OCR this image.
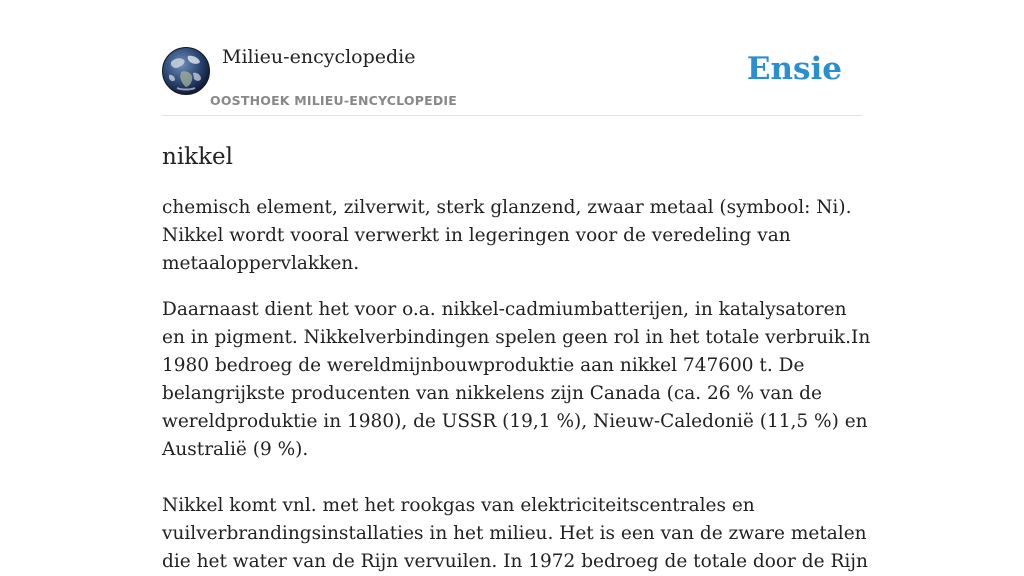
Milieu-encyclopedie
OOSTHOEK MILIEU-ENCYCLOPEDIE
Ensie
nikkel

chemisch element, zilverwit, sterk glanzend, zwaar metaal (symbool: Ni). Nikkel wordt vooral verwerkt in legeringen voor de veredeling van metaaloppervlakken.

Daarnaast dient het voor o.a. nikkel-cadmiumbatterijen, in katalysatoren en in pigment. Nikkelverbindingen spelen geen rol in het totale verbruik.In 1980 bedroeg de wereldmijnbouwproduktie aan nikkel 747600 t. De belangrijkste producenten van nikkelens zijn Canada (ca. 26 % van de wereldproduktie in 1980), de USSR (19,1 %), Nieuw-Caledonië (11,5 %) en Australië (9 %).

Nikkel komt vnl. met het rookgas van elektriciteitscentrales en vuilverbrandingsinstallaties in het milieu. Het is een van de zware metalen die het water van de Rijn vervuilen. In 1972 bedroeg de totale door de Rijn
